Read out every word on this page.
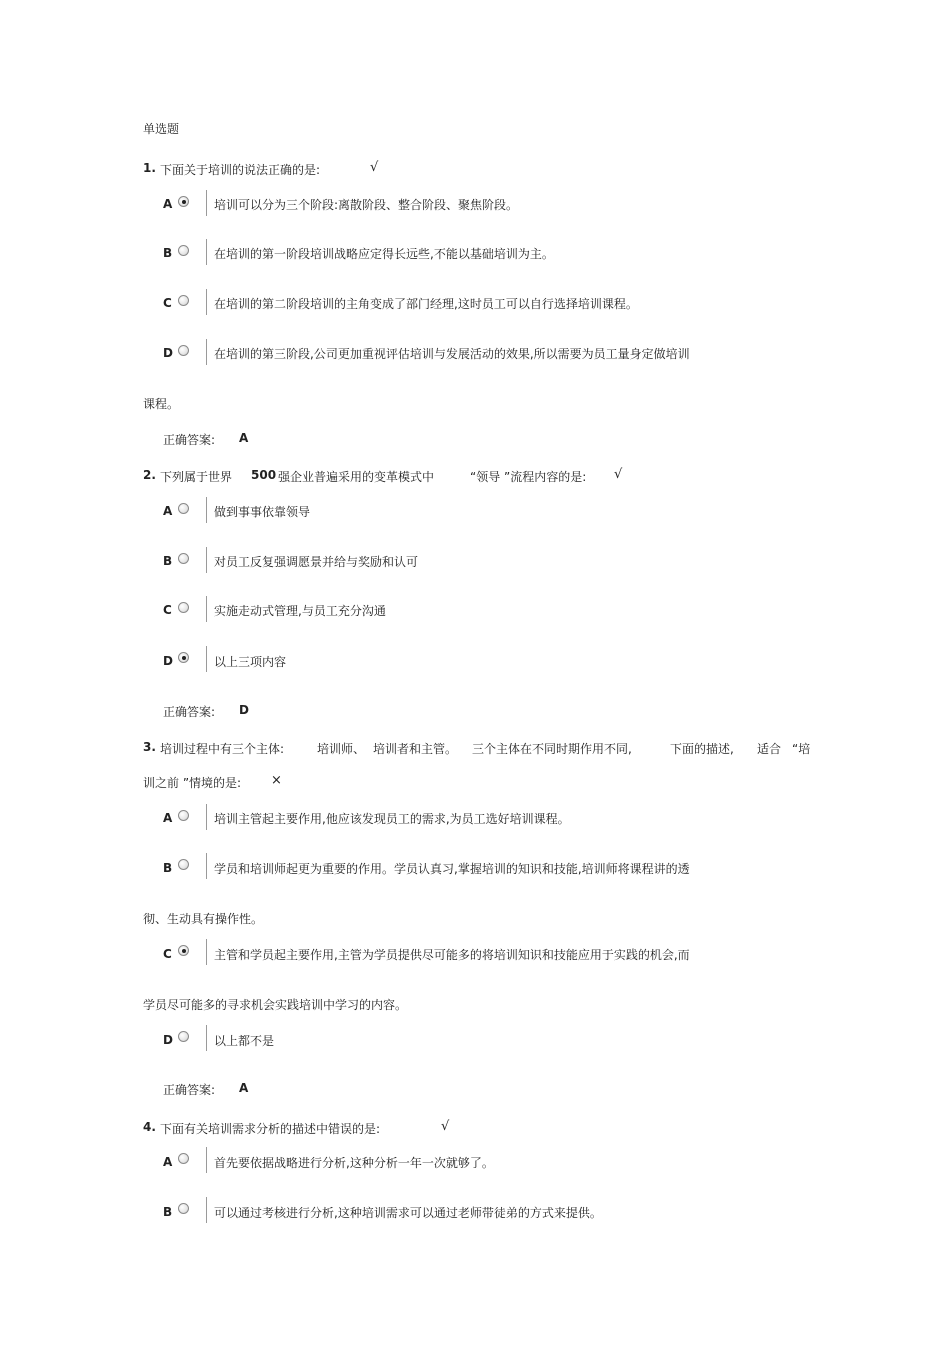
单选题
1. 下面关于培训的说法正确的是:	√
A	培训可以分为三个阶段:离散阶段、整合阶段、聚焦阶段。
B	在培训的第一阶段培训战略应定得长远些,不能以基础培训为主。
C	在培训的第二阶段培训的主角变成了部门经理,这时员工可以自行选择培训课程。
D	在培训的第三阶段,公司更加重视评估培训与发展活动的效果,所以需要为员工量身定做培训
课程。
正确答案: A
2. 下列属于世界 500 强企业普遍采用的变革模式中	“领导 ”流程内容的是: √
A	做到事事依靠领导
B	对员工反复强调愿景并给与奖励和认可
C	实施走动式管理,与员工充分沟通
D	以上三项内容
正确答案: D
3. 培训过程中有三个主体:	培训师、 培训者和主管。 三个主体在不同时期作用不同,	下面的描述, 适合 “培
训之前 ”情境的是: ×
A	培训主管起主要作用,他应该发现员工的需求,为员工选好培训课程。
B	学员和培训师起更为重要的作用。学员认真习,掌握培训的知识和技能,培训师将课程讲的透
彻、生动具有操作性。
C	主管和学员起主要作用,主管为学员提供尽可能多的将培训知识和技能应用于实践的机会,而
学员尽可能多的寻求机会实践培训中学习的内容。
D	以上都不是
正确答案: A
4. 下面有关培训需求分析的描述中错误的是:	√
A	首先要依据战略进行分析,这种分析一年一次就够了。
B	可以通过考核进行分析,这种培训需求可以通过老师带徒弟的方式来提供。
